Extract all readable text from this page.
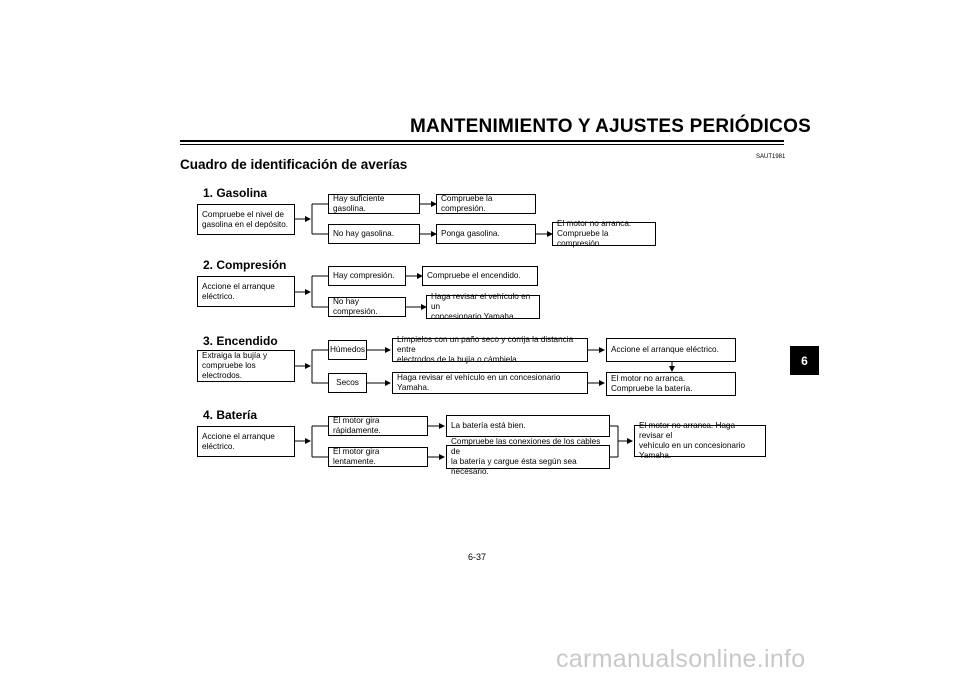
MANTENIMIENTO Y AJUSTES PERIÓDICOS
SAUT1981
Cuadro de identificación de averías
1. Gasolina
Compruebe el nivel de
gasolina en el depósito.
Hay suficiente gasolina.
Compruebe la compresión.
No hay gasolina.	Ponga gasolina.
El motor no arranca.
Compruebe la compresión.
2. Compresión
Accione el arranque
eléctrico.
Hay compresión.	Compruebe el encendido.
No hay compresión.
Haga revisar el vehículo en un
concesionario Yamaha.
3. Encendido
Extraiga la bujía y
compruebe los electrodos.
Húmedos
Límpielos con un paño seco y corrija la distancia entre
electrodos de la bujía o cámbiela.
Accione el arranque eléctrico.
Secos
Haga revisar el vehículo en un concesionario Yamaha.
El motor no arranca.
Compruebe la batería.
4. Batería
Accione el arranque
eléctrico.
El motor gira rápidamente.
La batería está bien.
El motor gira lentamente.
Compruebe las conexiones de los cables de
la batería y cargue ésta según sea necesario.
El motor no arranca. Haga revisar el
vehículo en un concesionario
Yamaha.
6
6-37
carmanualsonline.info
